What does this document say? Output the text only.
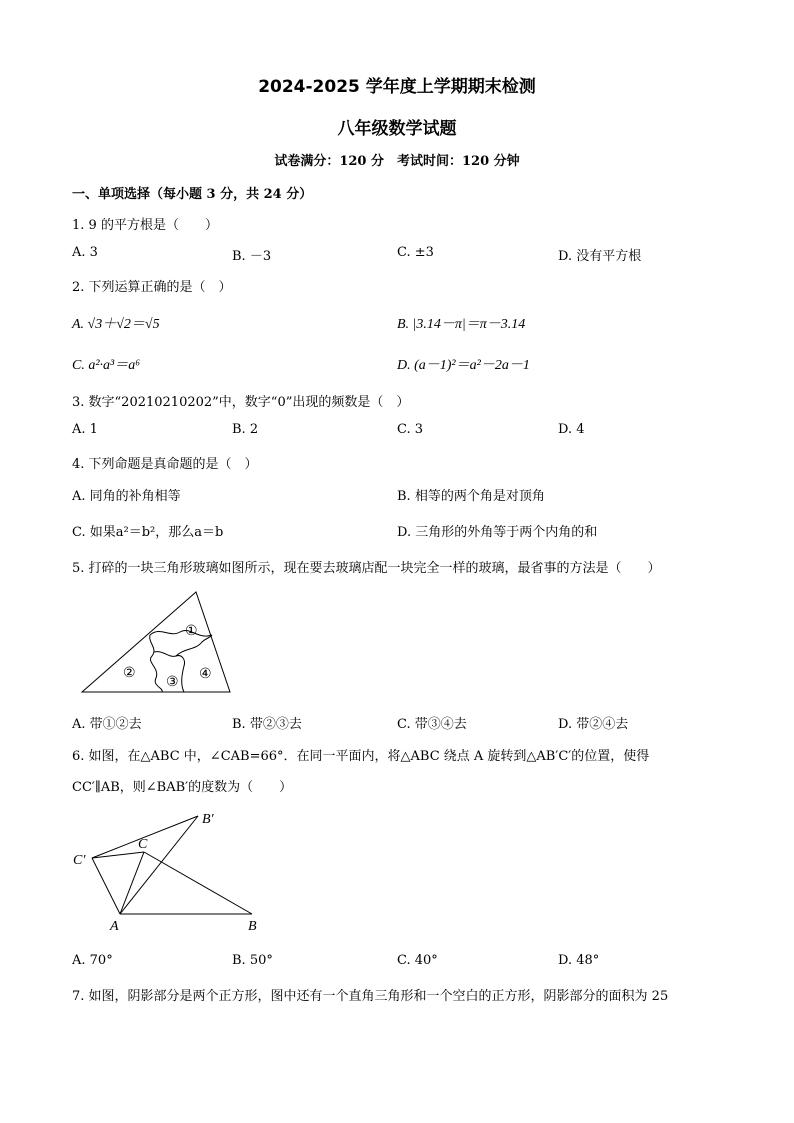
2024-2025 学年度上学期期末检测
八年级数学试题
试卷满分：120 分　考试时间：120 分钟
一、单项选择（每小题 3 分，共 24 分）
1. 9 的平方根是（　　）
A. 3	B. －3	C. ±3	D. 没有平方根
2. 下列运算正确的是（　）
A. √3＋√2＝√5	B. |3.14－π|＝π－3.14
C. a²·a³＝a⁶	D. (a－1)²＝a²－2a－1
3. 数字“20210210202”中，数字“0”出现的频数是（　）
A. 1	B. 2	C. 3	D. 4
4. 下列命题是真命题的是（　）
A. 同角的补角相等	B. 相等的两个角是对顶角
C. 如果a²＝b²，那么a＝b	D. 三角形的外角等于两个内角的和
5. 打碎的一块三角形玻璃如图所示，现在要去玻璃店配一块完全一样的玻璃，最省事的方法是（　　）
①
②
③
④
A. 带①②去	B. 带②③去	C. 带③④去	D. 带②④去
6. 如图，在△ABC 中，∠CAB=66°．在同一平面内，将△ABC 绕点 A 旋转到△AB′C′的位置，使得
CC′∥AB，则∠BAB′的度数为（　　）
B′
C′
C
A	B
A. 70°	B. 50°	C. 40°	D. 48°
7. 如图，阴影部分是两个正方形，图中还有一个直角三角形和一个空白的正方形，阴影部分的面积为 25
